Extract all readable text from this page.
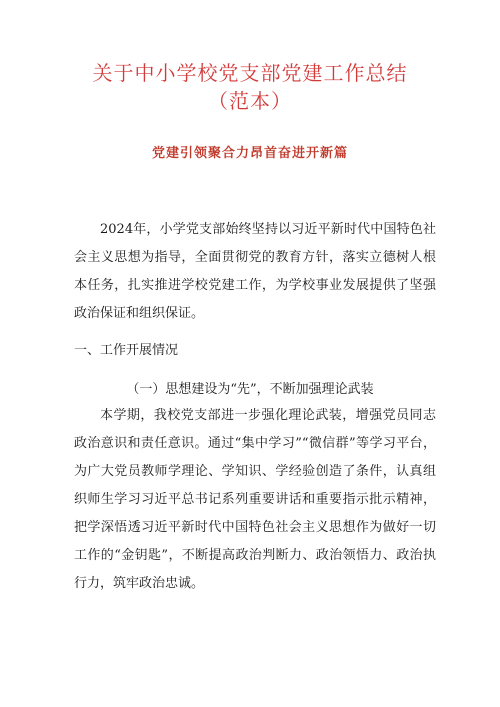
关于中小学校党支部党建工作总结
（范本）
党建引领聚合力昂首奋进开新篇

2024年，小学党支部始终坚持以习近平新时代中国特色社会主义思想为指导，全面贯彻党的教育方针，落实立德树人根本任务，扎实推进学校党建工作，为学校事业发展提供了坚强政治保证和组织保证。

一、工作开展情况
（一）思想建设为“先”，不断加强理论武装

本学期，我校党支部进一步强化理论武装，增强党员同志政治意识和责任意识。通过“集中学习”“微信群”等学习平台，为广大党员教师学理论、学知识、学经验创造了条件，认真组织师生学习习近平总书记系列重要讲话和重要指示批示精神，把学深悟透习近平新时代中国特色社会主义思想作为做好一切工作的“金钥匙”，不断提高政治判断力、政治领悟力、政治执行力，筑牢政治忠诚。
